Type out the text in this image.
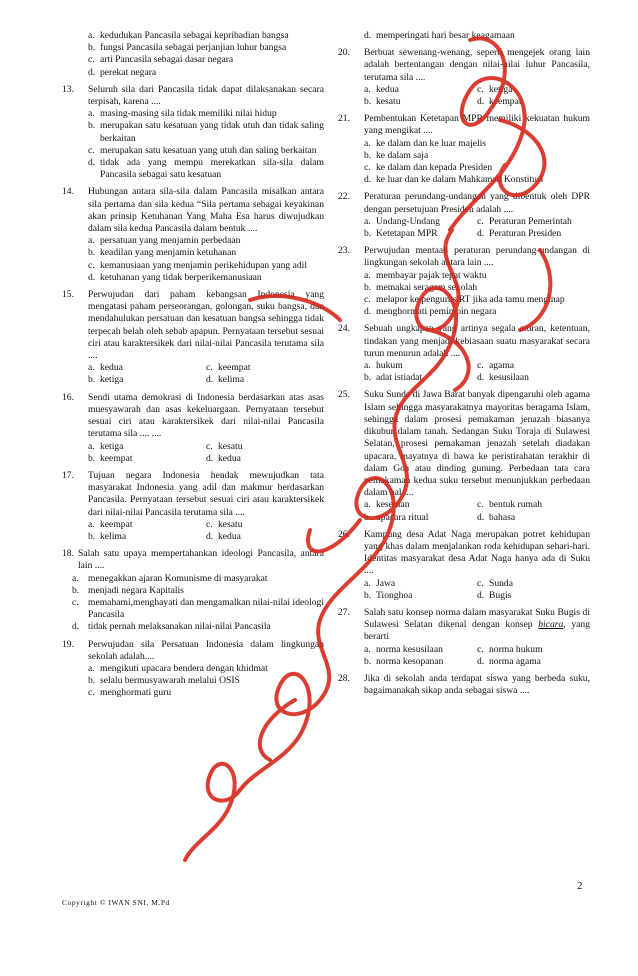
a. kedudukan Pancasila sebagai kepribadian bangsa
b. fungsi Pancasila sebagai perjanjian luhur bangsa
c. arti Pancasila sebagai dasar negara
d. perekat negara
13.	Seluruh sila dari Pancasila tidak dapat dilaksanakan secara terpisah, karena ....
a. masing-masing sila tidak memiliki nilai hidup
b. merupakan satu kesatuan yang tidak utuh dan tidak saling berkaitan
c. merupakan satu kesatuan yang utuh dan saling berkaitan
d. tidak ada yang mempu merekatkan sila-sila dalam Pancasila sebagai satu kesatuan
14.	Hubungan antara sila-sila dalam Pancasila misalkan antara sila pertama dan sila kedua “Sila pertama sebagai keyakinan akan prinsip Ketuhanan Yang Maha Esa harus diwujudkan dalam sila kedua Pancasila dalam bentuk ....
a. persatuan yang menjamin perbedaan
b. keadilan yang menjamin ketuhanan
c. kemanusiaan yang menjamin perikehidupan yang adil
d. ketuhanan yang tidak berperikemanusiaan
15.	Perwujudan dari paham kebangsan Indonesia yang mengatasi paham perseorangan, golongan, suku bangsa, dan mendahulukan persatuan dan kesatuan bangsa sehingga tidak terpecah belah oleh sebab apapun. Pernyataan tersebut sesuai ciri atau karaktersikek dari nilai-nilai Pancasila terutama sila ....
a. kedua	c. keempat
b. ketiga	d. kelima
16.	Sendi utama demokrasi di Indonesia berdasarkan atas asas muesyawarah dan asas kekeluargaan. Pernyataan tersebut sesuai ciri atau karaktersikek dari nilai-nilai Pancasila terutama sila .... ....
a. ketiga	c. kesatu
b. keempat	d. kedua
17.	Tujuan negara Indonesia hendak mewujudkan tata masyarakat Indonesia yang adil dan makmur berdasarkan Pancasila. Pernyataan tersebut sesuai ciri atau karaktersikek dari nilai-nilai Pancasila terutama sila ....
a. keempat	c. kesatu
b. kelima	d. kedua
18. Salah satu upaya mempertahankan ideologi Pancasila, antara lain ....
a. menegakkan ajaran Komunisme di masyarakat
b. menjadi negara Kapitalis
c. memahami,menghayati dan mengamalkan nilai-nilai ideologi Pancasila
d. tidak pernah melaksanakan nilai-nilai Pancasila
19.	Perwujudan sila Persatuan Indonesia dalam lingkungan sekolah adalah....
a. mengikuti upacara bendera dengan khidmat
b. selalu bermusyawarah melalui OSIS
c. menghormati guru
d. memperingati hari besar keagamaan
20.	Berbuat sewenang-wenang, seperti mengejek orang lain adalah bertentangan dengan nilai-nilai luhur Pancasila, terutama sila ....
a. kedua	c. ketiga
b. kesatu	d. keempat
21.	Pembentukan Ketetapan MPR memiliki kekuatan hukum yang mengikat ....
a. ke dalam dan ke luar majelis
b. ke dalam saja
c. ke dalam dan kepada Presiden
d. ke luar dan ke dalam Mahkamah Konstitusi
22.	Peraturan perundang-undangan yang dibentuk oleh DPR dengan persetujuan Presiden adalah ....
a. Undang-Undang	c. Peraturan Pemerintah
b. Ketetapan MPR	d. Peraturan Presiden
23.	Perwujudan mentaati peraturan perundang-undangan di lingkungan sekolah antara lain ....
a. membayar pajak tepat waktu
b. memakai seragam sekolah
c. melapor ke pengurus RT jika ada tamu menginap
d. menghormati pemimpin negara
24.	Sebuah ungkapan yang artinya segala aturan, ketentuan, tindakan yang menjadi kebiasaan suatu masyarakat secara turun menurun adalah ....
a. hukum	c. agama
b. adat istiadat	d. kesusilaan
25.	Suku Sunda di Jawa Barat banyak dipengaruhi oleh agama Islam sehingga masyarakatnya mayoritas beragama Islam, sehingga dalam prosesi pemakaman jenazah biasanya dikubur dalam tanah. Sedangan Suku Toraja di Sulawesi Selatan, prosesi pemakaman jenazah setelah diadakan upacara, mayatnya di bawa ke peristirahatan terakhir di dalam Goa atau dinding gunung. Perbedaan tata cara pemakaman kedua suku tersebut menunjukkan perbedaan dalam hal ....
a. kesenian	c. bentuk rumah
b. upacara ritual	d. bahasa
26.	Kampung desa Adat Naga merupakan potret kehidupan yang khas dalam menjalankan roda kehidupan sehari-hari. Identitas masyarakat desa Adat Naga hanya ada di Suku ....
a. Jawa	c. Sunda
b. Tionghoa	d. Bugis
27.	Salah satu konsep norma dalam masyarakat Suku Bugis di Sulawesi Selatan dikenal dengan konsep bicara, yang berarti
a. norma kesusilaan	c. norma hukum
b. norma kesopanan	d. norma agama
28.	Jika di sekolah anda terdapat siswa yang berbeda suku, bagaimanakah sikap anda sebagai siswa ....
2
Copyright © IWAN SNI, M.Pd
